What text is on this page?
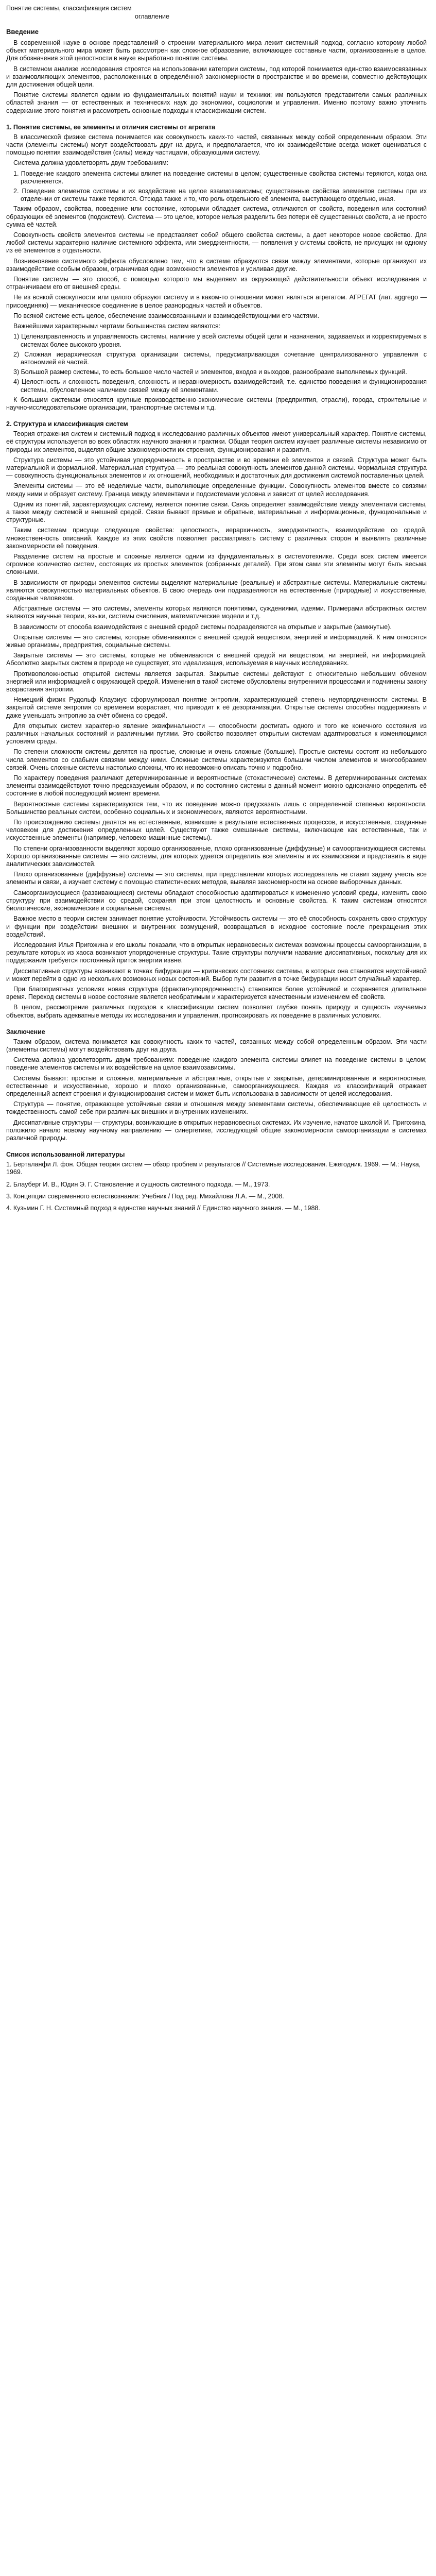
Понятие системы, классификация систем
оглавление
Введение

В современной науке в основе представлений о строении материального мира лежит системный подход, согласно которому любой объект материального мира может быть рассмотрен как сложное образование, включающее составные части, организованные в целое. Для обозначения этой целостности в науке выработано понятие системы.

В системном анализе исследования строятся на использовании категории системы, под которой понимается единство взаимосвязанных и взаимовлияющих элементов, расположенных в определённой закономерности в пространстве и во времени, совместно действующих для достижения общей цели.

Понятие системы является одним из фундаментальных понятий науки и техники; им пользуются представители самых различных областей знания — от естественных и технических наук до экономики, социологии и управления. Именно поэтому важно уточнить содержание этого понятия и рассмотреть основные подходы к классификации систем.

1. Понятие системы, ее элементы и отличия системы от агрегата

В классической физике система понимается как совокупность каких-то частей, связанных между собой определенным образом. Эти части (элементы системы) могут воздействовать друг на друга, и предполагается, что их взаимодействие всегда может оцениваться с помощью понятия взаимодействия (силы) между частицами, образующими систему.

Система должна удовлетворять двум требованиям:

1. Поведение каждого элемента системы влияет на поведение системы в целом; существенные свойства системы теряются, когда она расчленяется.

2. Поведение элементов системы и их воздействие на целое взаимозависимы; существенные свойства элементов системы при их отделении от системы также теряются. Отсюда также и то, что роль отдельного её элемента, выступающего отдельно, иная.

Таким образом, свойства, поведение или состояние, которыми обладает система, отличаются от свойств, поведения или состояний образующих её элементов (подсистем). Система — это целое, которое нельзя разделить без потери её существенных свойств, а не просто сумма её частей.

Совокупность свойств элементов системы не представляет собой общего свойства системы, а дает некоторое новое свойство. Для любой системы характерно наличие системного эффекта, или эмерджентности, — появления у системы свойств, не присущих ни одному из её элементов в отдельности.

Возникновение системного эффекта обусловлено тем, что в системе образуются связи между элементами, которые организуют их взаимодействие особым образом, ограничивая одни возможности элементов и усиливая другие.

Понятие системы — это способ, с помощью которого мы выделяем из окружающей действительности объект исследования и отграничиваем его от внешней среды.

Не из всякой совокупности или целого образуют систему и в каком-то отношении может являться агрегатом. АГРЕГАТ (лат. aggrego — присоединяю) — механическое соединение в целое разнородных частей и объектов.

По всякой системе есть целое, обеспечение взаимосвязанными и взаимодействующими его частями.

Важнейшими характерными чертами большинства систем являются:

1) Целенаправленность и управляемость системы, наличие у всей системы общей цели и назначения, задаваемых и корректируемых в системах более высокого уровня.

2) Сложная иерархическая структура организации системы, предусматривающая сочетание централизованного управления с автономией её частей.

3) Большой размер системы, то есть большое число частей и элементов, входов и выходов, разнообразие выполняемых функций.

4) Целостность и сложность поведения, сложность и неравномерность взаимодействий, т.е. единство поведения и функционирования системы, обусловленное наличием связей между её элементами.

К большим системам относятся крупные производственно-экономические системы (предприятия, отрасли), города, строительные и научно-исследовательские организации, транспортные системы и т.д.

2. Структура и классификация систем

Теория отражения систем и системный подход к исследованию различных объектов имеют универсальный характер. Понятие системы, её структуры используется во всех областях научного знания и практики. Общая теория систем изучает различные системы независимо от природы их элементов, выделяя общие закономерности их строения, функционирования и развития.

Структура системы — это устойчивая упорядоченность в пространстве и во времени её элементов и связей. Структура может быть материальной и формальной. Материальная структура — это реальная совокупность элементов данной системы. Формальная структура — совокупность функциональных элементов и их отношений, необходимых и достаточных для достижения системой поставленных целей.

Элементы системы — это её неделимые части, выполняющие определенные функции. Совокупность элементов вместе со связями между ними и образует систему. Граница между элементами и подсистемами условна и зависит от целей исследования.

Одним из понятий, характеризующих систему, является понятие связи. Связь определяет взаимодействие между элементами системы, а также между системой и внешней средой. Связи бывают прямые и обратные, материальные и информационные, функциональные и структурные.

Таким системам присущи следующие свойства: целостность, иерархичность, эмерджентность, взаимодействие со средой, множественность описаний. Каждое из этих свойств позволяет рассматривать систему с различных сторон и выявлять различные закономерности её поведения.

Разделение систем на простые и сложные является одним из фундаментальных в системотехнике. Среди всех систем имеется огромное количество систем, состоящих из простых элементов (собранных деталей). При этом сами эти элементы могут быть весьма сложными.

В зависимости от природы элементов системы выделяют материальные (реальные) и абстрактные системы. Материальные системы являются совокупностью материальных объектов. В свою очередь они подразделяются на естественные (природные) и искусственные, созданные человеком.

Абстрактные системы — это системы, элементы которых являются понятиями, суждениями, идеями. Примерами абстрактных систем являются научные теории, языки, системы счисления, математические модели и т.д.

В зависимости от способа взаимодействия с внешней средой системы подразделяются на открытые и закрытые (замкнутые).

Открытые системы — это системы, которые обмениваются с внешней средой веществом, энергией и информацией. К ним относятся живые организмы, предприятия, социальные системы.

Закрытые системы — это системы, которые не обмениваются с внешней средой ни веществом, ни энергией, ни информацией. Абсолютно закрытых систем в природе не существует, это идеализация, используемая в научных исследованиях.

Противоположностью открытой системы является закрытая. Закрытые системы действуют с относительно небольшим обменом энергией или информацией с окружающей средой. Изменения в такой системе обусловлены внутренними процессами и подчинены закону возрастания энтропии.

Немецкий физик Рудольф Клаузиус сформулировал понятие энтропии, характеризующей степень неупорядоченности системы. В закрытой системе энтропия со временем возрастает, что приводит к её дезорганизации. Открытые системы способны поддерживать и даже уменьшать энтропию за счёт обмена со средой.

Для открытых систем характерно явление эквифинальности — способности достигать одного и того же конечного состояния из различных начальных состояний и различными путями. Это свойство позволяет открытым системам адаптироваться к изменяющимся условиям среды.

По степени сложности системы делятся на простые, сложные и очень сложные (большие). Простые системы состоят из небольшого числа элементов со слабыми связями между ними. Сложные системы характеризуются большим числом элементов и многообразием связей. Очень сложные системы настолько сложны, что их невозможно описать точно и подробно.

По характеру поведения различают детерминированные и вероятностные (стохастические) системы. В детерминированных системах элементы взаимодействуют точно предсказуемым образом, и по состоянию системы в данный момент можно однозначно определить её состояние в любой последующий момент времени.

Вероятностные системы характеризуются тем, что их поведение можно предсказать лишь с определенной степенью вероятности. Большинство реальных систем, особенно социальных и экономических, являются вероятностными.

По происхождению системы делятся на естественные, возникшие в результате естественных процессов, и искусственные, созданные человеком для достижения определенных целей. Существуют также смешанные системы, включающие как естественные, так и искусственные элементы (например, человеко-машинные системы).

По степени организованности выделяют хорошо организованные, плохо организованные (диффузные) и самоорганизующиеся системы. Хорошо организованные системы — это системы, для которых удается определить все элементы и их взаимосвязи и представить в виде аналитических зависимостей.

Плохо организованные (диффузные) системы — это системы, при представлении которых исследователь не ставит задачу учесть все элементы и связи, а изучает систему с помощью статистических методов, выявляя закономерности на основе выборочных данных.

Самоорганизующиеся (развивающиеся) системы обладают способностью адаптироваться к изменению условий среды, изменять свою структуру при взаимодействии со средой, сохраняя при этом целостность и основные свойства. К таким системам относятся биологические, экономические и социальные системы.

Важное место в теории систем занимает понятие устойчивости. Устойчивость системы — это её способность сохранять свою структуру и функции при воздействии внешних и внутренних возмущений, возвращаться в исходное состояние после прекращения этих воздействий.

Исследования Илья Пригожина и его школы показали, что в открытых неравновесных системах возможны процессы самоорганизации, в результате которых из хаоса возникают упорядоченные структуры. Такие структуры получили название диссипативных, поскольку для их поддержания требуется постоянный приток энергии извне.

Диссипативные структуры возникают в точках бифуркации — критических состояниях системы, в которых она становится неустойчивой и может перейти в одно из нескольких возможных новых состояний. Выбор пути развития в точке бифуркации носит случайный характер.

При благоприятных условиях новая структура (фрактал-упорядоченность) становится более устойчивой и сохраняется длительное время. Переход системы в новое состояние является необратимым и характеризуется качественным изменением её свойств.

В целом, рассмотрение различных подходов к классификации систем позволяет глубже понять природу и сущность изучаемых объектов, выбрать адекватные методы их исследования и управления, прогнозировать их поведение в различных условиях.

Заключение

Таким образом, система понимается как совокупность каких-то частей, связанных между собой определенным образом. Эти части (элементы системы) могут воздействовать друг на друга.

Система должна удовлетворять двум требованиям: поведение каждого элемента системы влияет на поведение системы в целом; поведение элементов системы и их воздействие на целое взаимозависимы.

Системы бывают: простые и сложные, материальные и абстрактные, открытые и закрытые, детерминированные и вероятностные, естественные и искусственные, хорошо и плохо организованные, самоорганизующиеся. Каждая из классификаций отражает определенный аспект строения и функционирования систем и может быть использована в зависимости от целей исследования.

Структура — понятие, отражающее устойчивые связи и отношения между элементами системы, обеспечивающие её целостность и тождественность самой себе при различных внешних и внутренних изменениях.

Диссипативные структуры — структуры, возникающие в открытых неравновесных системах. Их изучение, начатое школой И. Пригожина, положило начало новому научному направлению — синергетике, исследующей общие закономерности самоорганизации в системах различной природы.

Список использованной литературы

1. Берталанфи Л. фон. Общая теория систем — обзор проблем и результатов // Системные исследования. Ежегодник. 1969. — М.: Наука, 1969.

2. Блауберг И. В., Юдин Э. Г. Становление и сущность системного подхода. — М., 1973.

3. Концепции современного естествознания: Учебник / Под ред. Михайлова Л.А. — М., 2008.

4. Кузьмин Г. Н. Системный подход в единстве научных знаний // Единство научного знания. — М., 1988.
